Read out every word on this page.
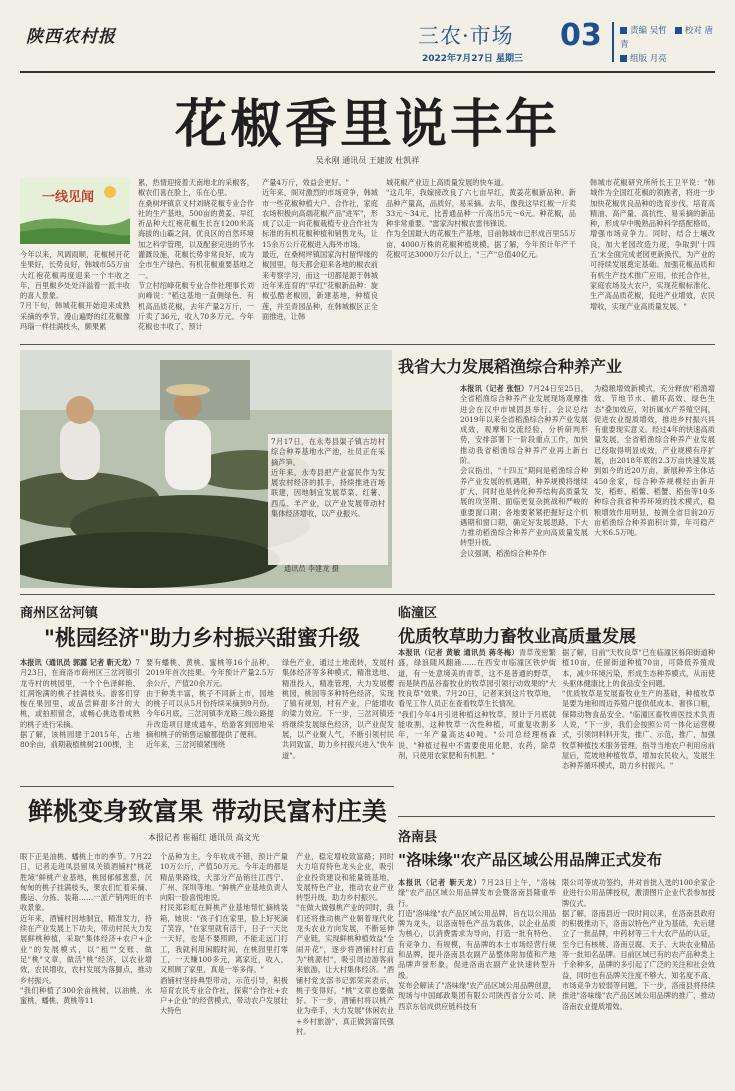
陕西农村报	三农·市场
2022年7月27日 星期三
03	责编 吴哲 校对 唐青
组版 月亮
花椒香里说丰年
吴永刚 通讯员 王建波 杜凯祥
一线见闻
今年以来，风调雨顺，花椒树开花坐果好，长势良好，韩城市55万亩大红袍花椒再度迎来一个丰收之年，百里椒乡处处洋溢着一派丰收的喜人景象。
7月下旬，韩城花椒开始迎来成熟采摘的季节。漫山遍野的红花椒像玛瑙一样挂满枝头，颇果累
累，热情迎接着天南地北的采椒客，椒农们喜在脸上，乐在心里。
在桑树坪镇京义村刘晓花椒专业合作社的生产基地，500亩的黄姜、早红祈品种大红袍花椒生长在1200米高海拔的山霸之间，优良区的自然环境加之科学管理，以及配套完进的节水灌溉设施，花椒长势非常良好，成为全市生产绿色、有机花椒重要基地之一。
节立村绍峰花椒专业合作社理事长刘向峰说："稻这基地一直侧绿色、有机高品质花椒，去年产量2万斤，一斤卖了36元，收入70多万元。今年花椒也丰收了，预计
产量4万斤，效益会更好。"
近年来，阁对激烈的市场竞争，韩城市一些花椒种植大户、合作社，家庭农场积极向高端花椒产品"进军"，形成了以走一向花椒栽植专业合作社为标准的有机花椒种植和销售龙头，让15余万公斤花椒进入海外市场。
最近，在桑树坪镇国家沟村留悍缘的椒园里，每天都会迎来各地的椒农前来考察学习，而这一切都是源于韩城近年来连育的"早红"花椒新品种：旋椒弘酷老椒园，新建基地，种植良莲，并至青园品种，在韩城椒区正全面推进，让韩
城花椒产业迈上高质量发展的快车道。
"这几年，我嫁接改良了六七亩早红，黄姜花椒新品种。新品种产量高，品质好，易采摘。去年，像我这早红椒一斤卖33元～34元，比普通品种一斤高出5元～6元。种花椒，品种非常重要。"雷家沟村椒农雷伟锋说。
作为全国最大的花椒生产基地，目前韩城市已形成百里55万亩，4000万株的花椒种植规模。据了解，今年预计年产干花椒可达3000万公斤以上，"三产"总值40亿元。
韩城市花椒研究所所长王卫平说："韩城作为全国红花椒的领跑者，将进一步加快花椒优良品种的选育步伐，培育高精油、高产量、高抗性、易采摘的新品种，形成早中晚熟品种科学搭配格局，增强市场竞争力。同时，结合土壤改良，加大老园改造力度，争取到'十四五'末全面完成老园更新换代，为产业的可持续发展奠定基础。加强花椒品质和有机生产技术推广应用，依托合作社，家庭农场及大农户，实现花椒标准化、生产高品质花椒，促进产业增效，农民增收，实现产业高质量发展。"
7月17日，在永寿县渠子镇古坊村综合种养基地水产池，社员正在采摘芦笋。
近年来，永寿县把产业富民作为发展农村经济的抓手，持续推进百场联建，因地制宜发展草菜、红薯、西瓜、羊产业，以产业发展带动村集体经济增收，以产业振兴。
通讯员 李建龙 摄
我省大力发展稻渔综合种养产业
本报讯（记者 张恒）7月24日至25日，全省稻渔综合种养产业发展现场观摩推进会在汉中市城固县举行。会议总结2019年以来全省稻渔综合种养产业发展成效，观摩和交流经验，分析研判形势，安排部署下一阶段重点工作，加快推动我省稻渔综合种养产业再上新台阶。
会议指出，"十四五"期间是稻渔综合种养产业发展的机遇期，种养规模将继续扩大，同时也是转化种养结构高质量发展的攻坚期、面临更复杂挑战和严峻的重要窗口期；各地要紧紧把握好这个机遇期和窗口期，确定好发展思路，下大力推动稻渔综合种养产业向高质量发展转型升级。
会议强调，稻渔综合种养作
为稳粮增效新模式，充分释放"稻渔增效、节地节水、循环高效、绿色生态"叠加效应，对折属水产养殖空间，促进农业提质增效，推进乡村振兴具有重要现实意义。经过4年的快速高质量发展，全省稻渔综合种养产业发展已经取得明显成效，产业规模有序扩展，由2018年底的2.3万亩快速发展到如今的近20万亩，新展种养主体达450余家，综合种养规模经由新开发，稻虾、稻鳖、稻蟹、稻鱼等10多种综合我省种养环境的技术模式，稳粮增效作用明显，按测全省目前20万亩稻渔综合种养面积计算，年可稳产大米6.5万吨。
商州区岔河镇
"桃园经济"助力乡村振兴甜蜜升级
本报讯（通讯员 郭露 记者 靳天龙）7月23日，在商洛市商州区三岔河镇引龙寺村的桃园里，一个个色泽鲜艳、红润饱满的桃子挂满枝头。游客们穿梭在果园里，或品尝鲜甜多汁的大桃，或拍照留念，或畅心挑选着成熟的桃子进行采摘。
据了解，该桃园建于2015年，占地80余亩，前期栽植桃树2100棵，主
要有蟠桃、黄桃、蜜桃等16个品种，2019年首次挂果。今年预计产量2.5万余公斤，产值20余万元。
由于种类丰富，桃子不同新上市，园地的桃子可以从5月份持续采摘到9月份。今年6月底，三岔河镇李龙路三级公路提升改造项目建成通车，给游客到园地采摘和桃子的销售运输都提供了便利。
近年来，三岔河镇紧围绕
绿色产业，通过土地流转，发展村集体经济等多种模式，精准选地、精准投入，精准管理，大力发展樱桃园，桃园等多种特色经济，实现了镇有规划，村有产业，户能增收的梁力效应。下一步，三岔河镇还将继续发展绿色经济，以产业促发展，以产业聚人气，不断引领村民共同致富，助力乡村振兴进入"快车道"。
临潼区
优质牧草助力畜牧业高质量发展
本报讯（记者 黄敏 通讯员 蒋冬梅）青草茂密繁盛，绿浪随风翻涌……在西安市临潼区铁炉街道，有一处意境美的青草，这不是普通的野草，而是陕西品谷畜牧业的牧草园引领行动效果的"大牧良草"效果。7月20日，记者来到这片牧草地，看见工作人员正在查看牧草生长情况。
"我们今年4月引进种植这种牧草，预计于月底就能收割，这种牧草一次性种植，可重复收割多年，一年产量高达40吨。"公司总经理杨森说，"种植过程中不需要使用化肥，农药，除草剂，只使用农家肥和有机肥。"
据了解，目前"天牧良草"已在临潼区栎阳街道种植10亩，任留街道种植70亩，可降低养殖成本，减少环境污染，形成生态种养模式，从而使头驱体健康比上的食品安全问题。
"优质牧草是发展畜牧业生产的基础，种植牧草是要为地和周边养殖户提供低成本、奢侈口粮，保障动物食品安全。"临潼区畜牧兽医技术负责人说，"下一步，我们会按照公司一体化运营模式，引领饲料料开发，推广、示范，推广，加强牧草种植技术服务管理，指导当地农户利用房前屋后，荒坡地种植牧草，增加农民收入，发展生态种养循环模式，助力乡村振兴。"
鲜桃变身致富果 带动民富村庄美
本报记者 崔福红 通讯员 高文光
眼下正是油桃、蟠桃上市的季节。7月22日，记者走进凤县留凤关镇酒铺村"桃花胜境"鲜桃产业基地，桃园郁郁葱葱，沉甸甸的桃子挂满枝头，果农们忙着采摘、搬运、分拣、装箱……一派产销两旺的丰收景象。
近年来，酒铺村因地制宜，精准发力，持续在产业发展上下功夫，带动村民大力发展鲜桃种植，采取"集体经济+农户+企业"的发展模式，以"租""交账、做足"桃"文章，做活"桃"经济，以农业增效，农民增收，农村发展为落脚点，推动乡村振兴。
"我们种植了300余亩桃树，以油桃、水蜜桃、蟠桃、黄桃等11
个品种为主，今年收成不错，预计产量10万公斤，产值50万元。今年走的都是精品果路线，大部分产品销往江西宁、广州、深圳等地。"鲜桃产业基地负责人向阳一脸喜悦地说。
村民郑彩虹在鲜桃产业基地帮忙摘桃装箱，她说："孩子们在家里，脸上好死滴了笑容，"在家里就有活干，日子一天比一天好，也是不要照顾，不能走远门打工，我就利用闲暇时间，在桃园里打零工，一天赚100多元，离家近，收入，又照顾了家里，真是一举多得。"
酒铺村坚持典型带动，示范引导，积极培育农民专业合作社，探索"合作社+农户+企业"的经营模式，带动农户发展壮大特色
产业，稳定增收致富路；同时大力培育特色龙头企业，吸引企业投资建设和能量链基地，发展特色产业，推动农业产业转型升级，助力乡村振兴。
"在做大做强桃产业的同时，我们还将推动桃产业朝着现代化龙头农业方向发展，不断延伸产业链，实现鲜桃种植效益"全闹开花"，逐步将酒铺村打造为"桃源村"，吸引周边游客前来旅游，让大村集体经济。"酒铺村党支部书记郭荣宾表示，桃子变得好，"桃"文章也要做好。下一步，酒铺村将以桃产业为牵手，大力发展"休闲农业+乡村旅游"，真正做到富民强村。
洛南县
"洛味缘"农产品区域公用品牌正式发布
本报讯（记者 靳天龙）7月23日上午，"洛味缘"农产品区域公用品牌发布会暨洛南县隆重举行。
打造"洛味缘"农产品区域公用品牌，旨在以公用品牌为龙头，以洛南特色产品为载体，以企业品质为核心，以消费需求为导向，打造一批有特色、有竞争力、有规模，有品牌的本土市场经营行规和品牌，提升洛南县农副产品整体附加值和产地品牌声誉形象，促进洛南农副产业快速转型升级。
发布会解读了"洛味缘"农产品区域公用品牌创意，现场与中国邮政集团有限公司陕西省分公司、陕西京东信成供应链科技有
限公司等成功签约，并对首批入选的100余家企业进行公用品牌授权，激清图片企业代表参加授牌仪式。
据了解，洛南县近一段时间以来，在洛南县政府的积极推动下，洛南以特色产业为基础，先后建立了一批品牌，中药材等三十大农产品的认证，至今已有核桃、洛南豆腐、天子、大块农业精品等一批知名品牌。目前区域已有的农产品种类上千余种多，品牌的多引起了广泛的关注和社会效益，同时也有品牌关注度不够大、知名度不高、市场竞争力较弱等问题，下一步，洛南县将持续推进"洛味缘"农产品区域公用品牌的推广，推动洛南农业提质增效。
